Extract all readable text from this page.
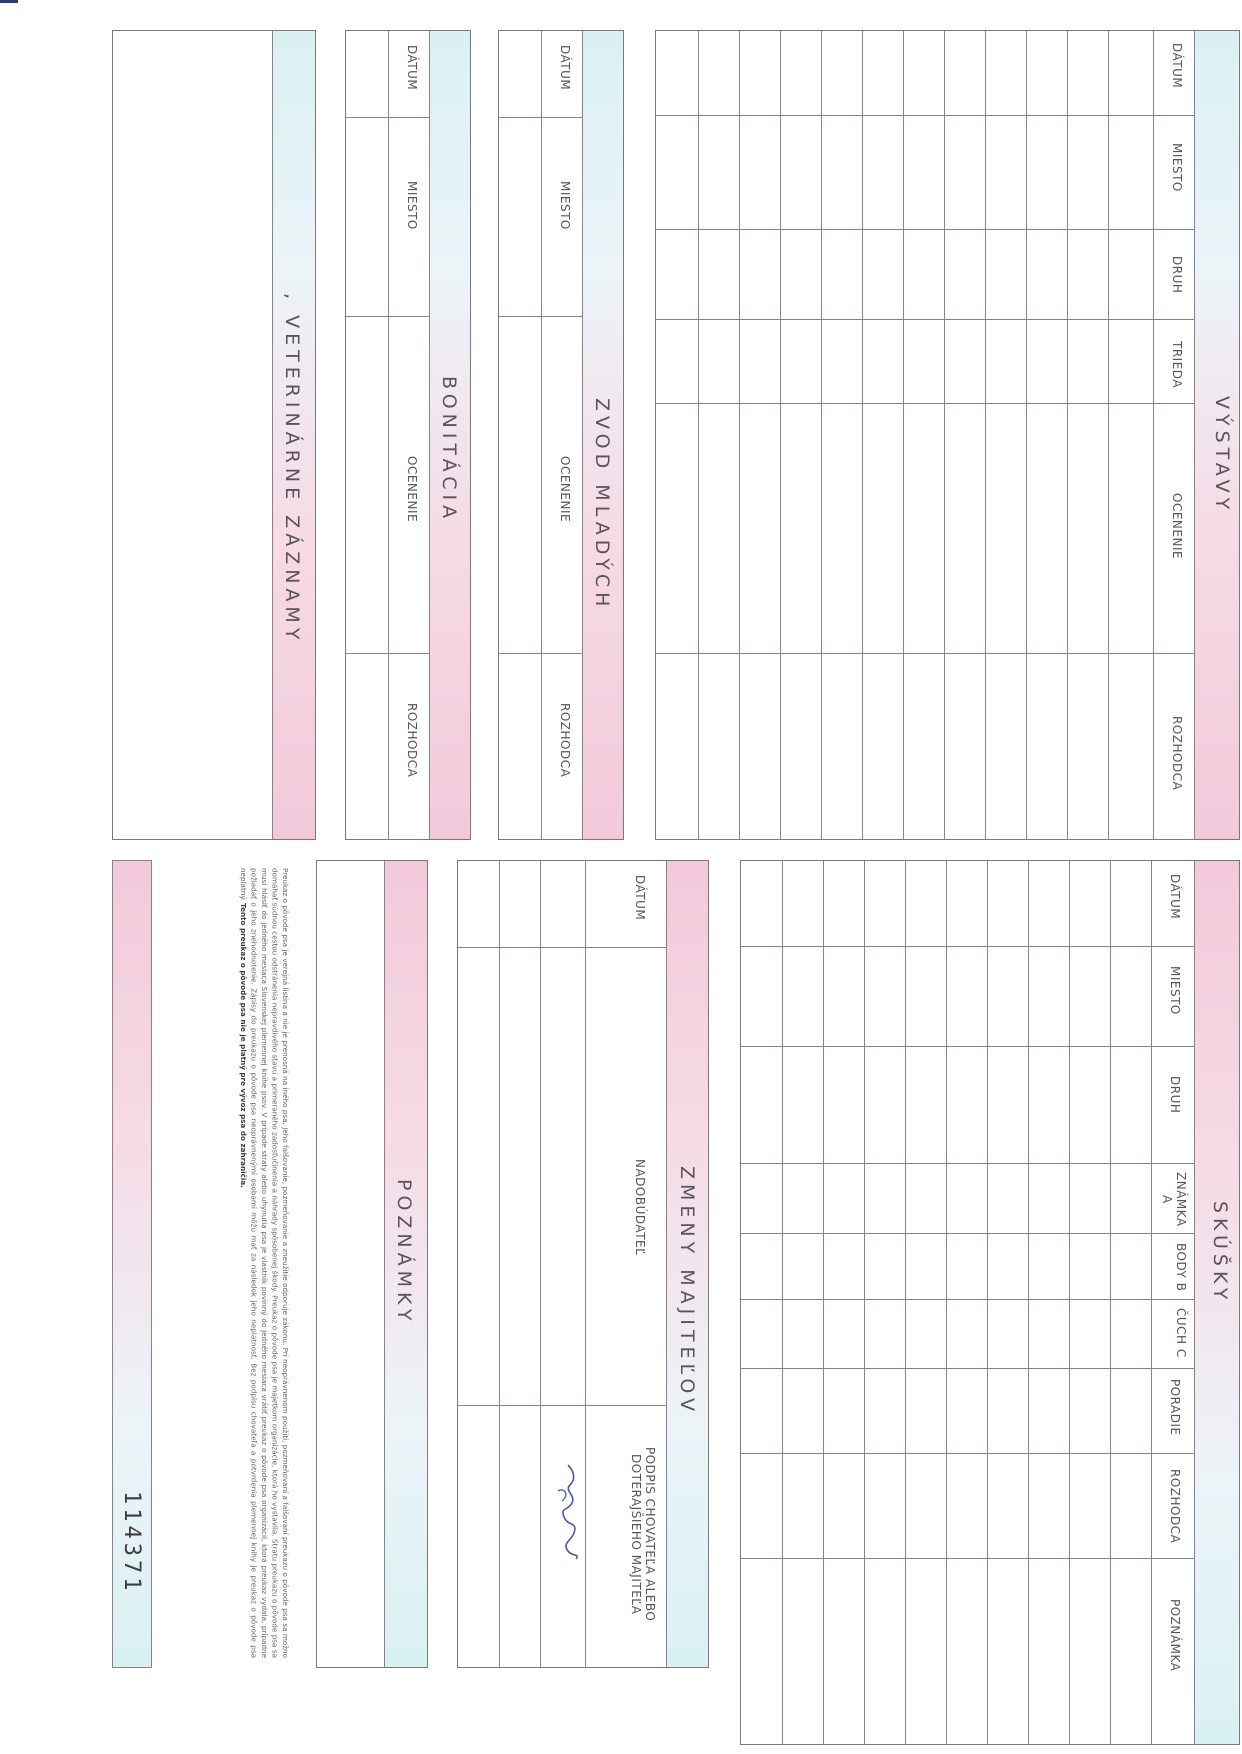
VÝSTAVY
DÁTUM
MIESTO
DRUH
TRIEDA
OCENENIE
ROZHODCA
SKÚŠKY
DÁTUM
MIESTO
DRUH
ZNÁMKA A
BODY B
ČUCH C
PORADIE
ROZHODCA
POZNÁMKA
ZVOD MLADÝCH
DÁTUM
MIESTO
OCENENIE
ROZHODCA
BONITÁCIA
DÁTUM
MIESTO
OCENENIE
ROZHODCA
, VETERINÁRNE ZÁZNAMY
ZMENY MAJITEĽOV
DÁTUM
NADOBÚDATEĽ
PODPIS CHOVATEĽA ALEBO DOTERAJŠIEHO MAJITEĽA
POZNÁMKY
Preukaz o pôvode psa je verejná listina a nie je prenosná na iného psa. Jeho falšovanie, pozmeňovanie a zneužitie odporuje zákonu. Pri neoprávnenom použití, pozmeňovaní a falšovaní preukazu o pôvode psa sa možno domáhať súdnou cestou odstránenia nepravdivého stavu a primeraného zadosťučinenia a náhrady spôsobenej škody. Preukaz o pôvode psa je majetkom organizácie, ktorá ho vystavila. Stratu preukazu o pôvode psa sa musí hlásiť do jedného mesiaca Slovenskej plemennej knihe psov. V prípade straty alebo uhynutia psa je vlastník povinný do jedného mesiaca vrátiť preukaz o pôvode psa organizácii, ktorá preukaz vydala, prípadne požiadať o jeho znehodnotenie. Zápisy do preukazu o pôvode psa neoprávnenými osobami môžu mať za následok jeho neplatnosť. Bez podpisu chovateľa a potvrdenia plemennej knihy je preukaz o pôvode psa neplatný. Tento preukaz o pôvode psa nie je platný pre vývoz psa do zahraničia.
114371
